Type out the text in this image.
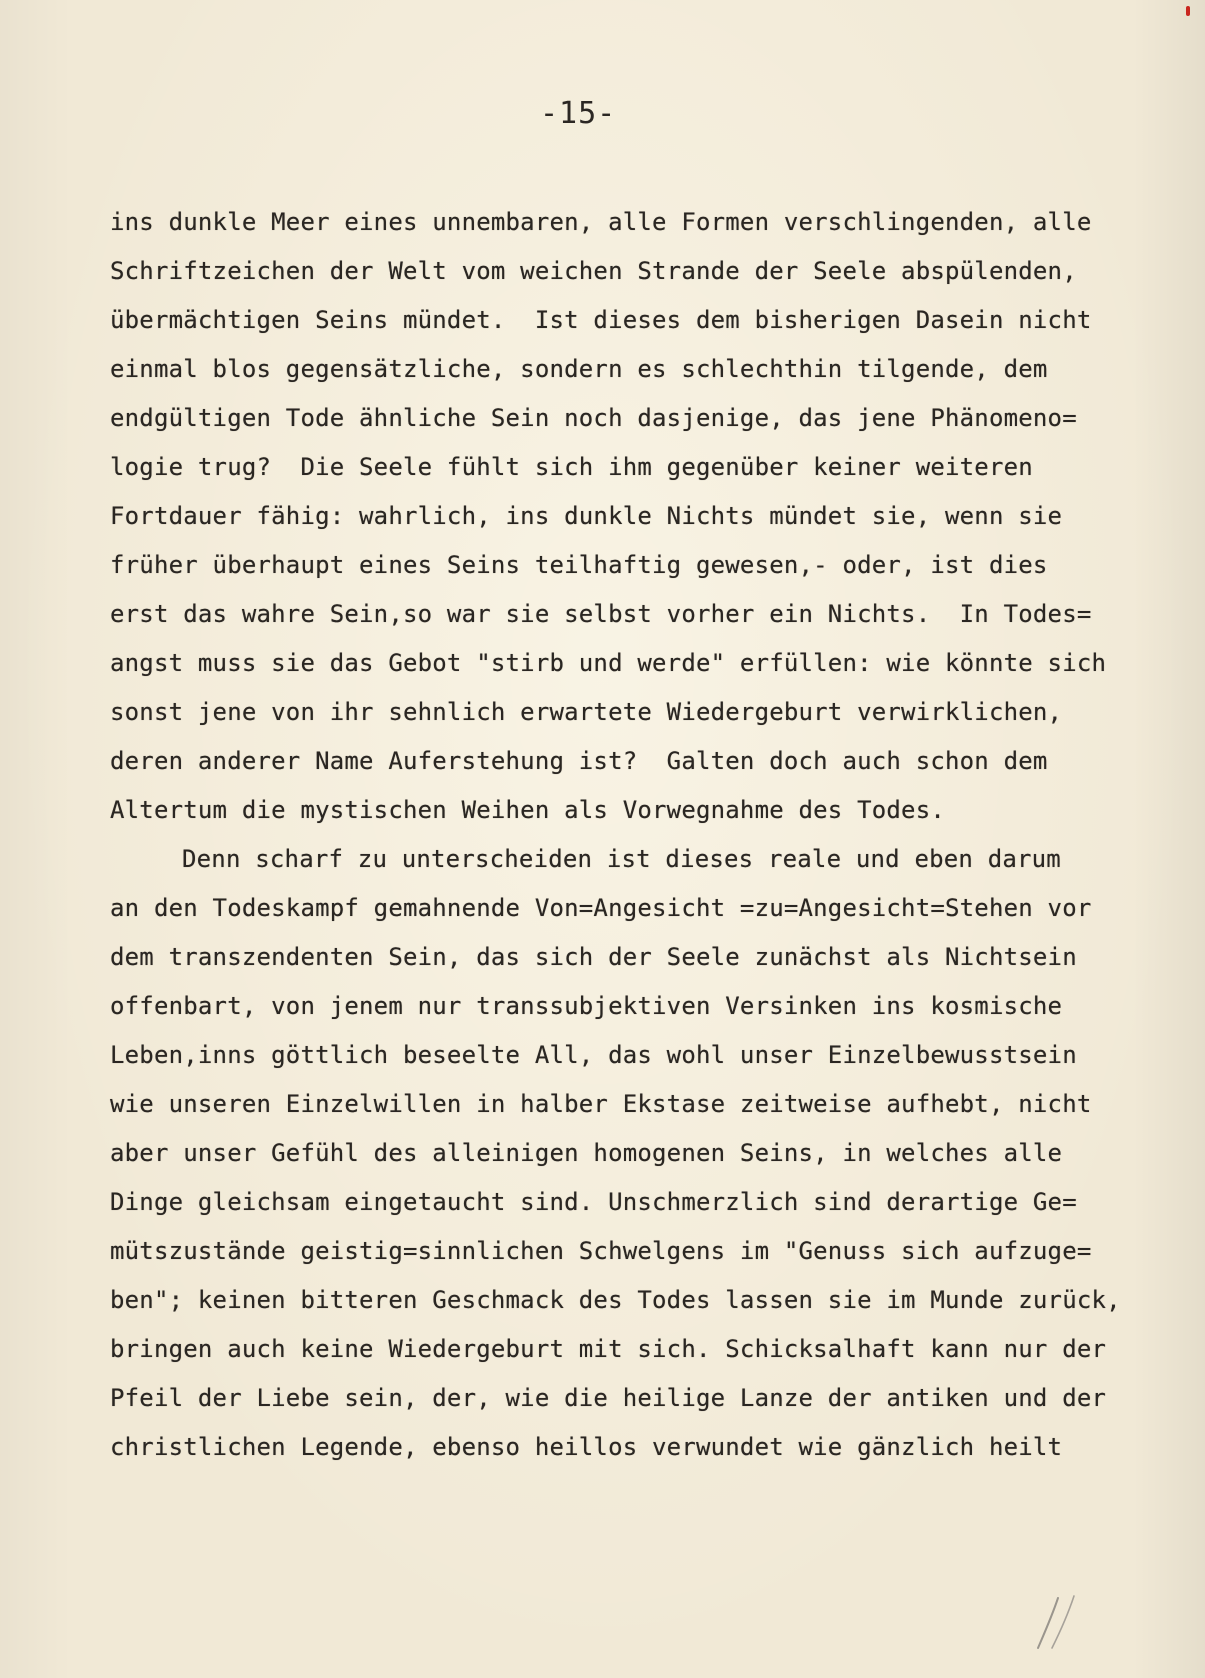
-15-
ins dunkle Meer eines unnembaren, alle Formen verschlingenden, alle
Schriftzeichen der Welt vom weichen Strande der Seele abspülenden,
übermächtigen Seins mündet.  Ist dieses dem bisherigen Dasein nicht
einmal blos gegensätzliche, sondern es schlechthin tilgende, dem
endgültigen Tode ähnliche Sein noch dasjenige, das jene Phänomeno=
logie trug?  Die Seele fühlt sich ihm gegenüber keiner weiteren
Fortdauer fähig: wahrlich, ins dunkle Nichts mündet sie, wenn sie
früher überhaupt eines Seins teilhaftig gewesen,- oder, ist dies
erst das wahre Sein,so war sie selbst vorher ein Nichts.  In Todes=
angst muss sie das Gebot "stirb und werde" erfüllen: wie könnte sich
sonst jene von ihr sehnlich erwartete Wiedergeburt verwirklichen,
deren anderer Name Auferstehung ist?  Galten doch auch schon dem
Altertum die mystischen Weihen als Vorwegnahme des Todes.
Denn scharf zu unterscheiden ist dieses reale und eben darum
an den Todeskampf gemahnende Von=Angesicht =zu=Angesicht=Stehen vor
dem transzendenten Sein, das sich der Seele zunächst als Nichtsein
offenbart, von jenem nur transsubjektiven Versinken ins kosmische
Leben,inns göttlich beseelte All, das wohl unser Einzelbewusstsein
wie unseren Einzelwillen in halber Ekstase zeitweise aufhebt, nicht
aber unser Gefühl des alleinigen homogenen Seins, in welches alle
Dinge gleichsam eingetaucht sind. Unschmerzlich sind derartige Ge=
mütszustände geistig=sinnlichen Schwelgens im "Genuss sich aufzuge=
ben"; keinen bitteren Geschmack des Todes lassen sie im Munde zurück,
bringen auch keine Wiedergeburt mit sich. Schicksalhaft kann nur der
Pfeil der Liebe sein, der, wie die heilige Lanze der antiken und der
christlichen Legende, ebenso heillos verwundet wie gänzlich heilt
